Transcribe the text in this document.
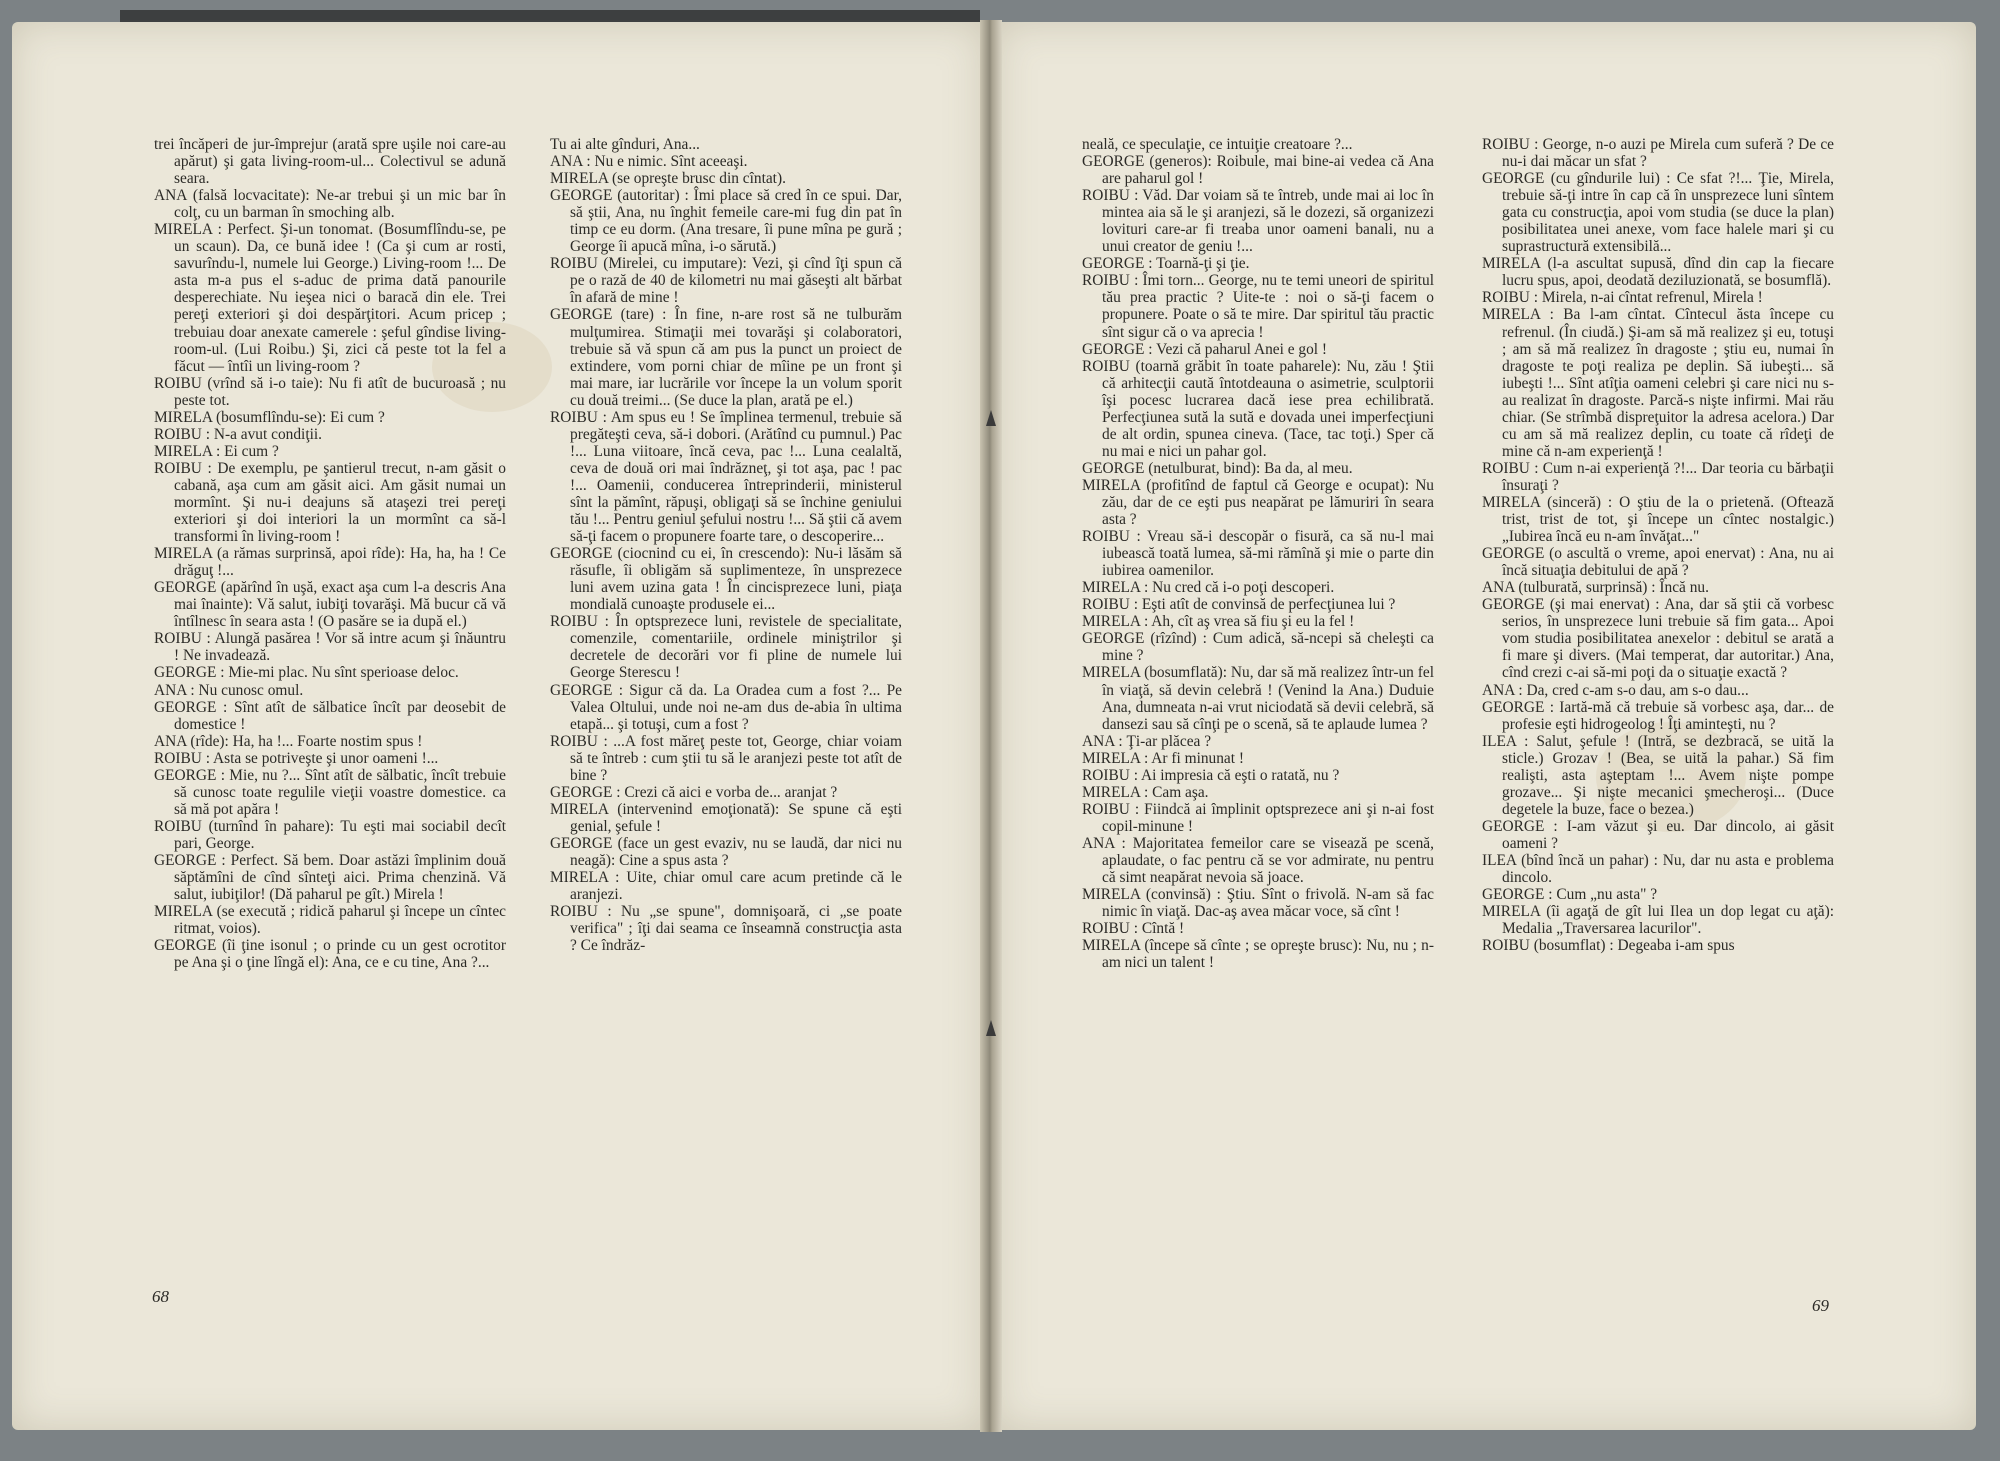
trei încăperi de jur-împrejur (arată spre uşile noi care-au apărut) şi gata living-room-ul... Colectivul se adună seara.

ANA (falsă locvacitate): Ne-ar trebui şi un mic bar în colţ, cu un barman în smoching alb.

MIRELA : Perfect. Şi-un tonomat. (Bosumflîndu-se, pe un scaun). Da, ce bună idee ! (Ca şi cum ar rosti, savurîndu-l, numele lui George.) Living-room !... De asta m-a pus el s-aduc de prima dată panourile desperechiate. Nu ieşea nici o baracă din ele. Trei pereţi exteriori şi doi despărţitori. Acum pricep ; trebuiau doar anexate camerele : şeful gîndise living-room-ul. (Lui Roibu.) Şi, zici că peste tot la fel a făcut — întîi un living-room ?

ROIBU (vrînd să i-o taie): Nu fi atît de bucuroasă ; nu peste tot.

MIRELA (bosumflîndu-se): Ei cum ?

ROIBU : N-a avut condiţii.

MIRELA : Ei cum ?

ROIBU : De exemplu, pe şantierul trecut, n-am găsit o cabană, aşa cum am găsit aici. Am găsit numai un mormînt. Şi nu-i deajuns să ataşezi trei pereţi exteriori şi doi interiori la un mormînt ca să-l transformi în living-room !

MIRELA (a rămas surprinsă, apoi rîde): Ha, ha, ha ! Ce drăguţ !...

GEORGE (apărînd în uşă, exact aşa cum l-a descris Ana mai înainte): Vă salut, iubiţi tovarăşi. Mă bucur că vă întîlnesc în seara asta ! (O pasăre se ia după el.)

ROIBU : Alungă pasărea ! Vor să intre acum şi înăuntru ! Ne invadează.

GEORGE : Mie-mi plac. Nu sînt sperioase deloc.

ANA : Nu cunosc omul.

GEORGE : Sînt atît de sălbatice încît par deosebit de domestice !

ANA (rîde): Ha, ha !... Foarte nostim spus !

ROIBU : Asta se potriveşte şi unor oameni !...

GEORGE : Mie, nu ?... Sînt atît de sălbatic, încît trebuie să cunosc toate regulile vieţii voastre domestice. ca să mă pot apăra !

ROIBU (turnînd în pahare): Tu eşti mai sociabil decît pari, George.

GEORGE : Perfect. Să bem. Doar astăzi împlinim două săptămîni de cînd sînteţi aici. Prima chenzină. Vă salut, iubiţilor! (Dă paharul pe gît.) Mirela !

MIRELA (se execută ; ridică paharul şi începe un cîntec ritmat, voios).

GEORGE (îi ţine isonul ; o prinde cu un gest ocrotitor pe Ana şi o ţine lîngă el): Ana, ce e cu tine, Ana ?...

Tu ai alte gînduri, Ana...

ANA : Nu e nimic. Sînt aceeaşi.

MIRELA (se opreşte brusc din cîntat).

GEORGE (autoritar) : Îmi place să cred în ce spui. Dar, să ştii, Ana, nu înghit femeile care-mi fug din pat în timp ce eu dorm. (Ana tresare, îi pune mîna pe gură ; George îi apucă mîna, i-o sărută.)

ROIBU (Mirelei, cu imputare): Vezi, şi cînd îţi spun că pe o rază de 40 de kilometri nu mai găseşti alt bărbat în afară de mine !

GEORGE (tare) : În fine, n-are rost să ne tulburăm mulţumirea. Stimaţii mei tovarăşi şi colaboratori, trebuie să vă spun că am pus la punct un proiect de extindere, vom porni chiar de mîine pe un front şi mai mare, iar lucrările vor începe la un volum sporit cu două treimi... (Se duce la plan, arată pe el.)

ROIBU : Am spus eu ! Se împlinea termenul, trebuie să pregăteşti ceva, să-i dobori. (Arătînd cu pumnul.) Pac !... Luna viitoare, încă ceva, pac !... Luna cealaltă, ceva de două ori mai îndrăzneţ, şi tot aşa, pac ! pac !... Oamenii, conducerea întreprinderii, ministerul sînt la pămînt, răpuşi, obligaţi să se închine geniului tău !... Pentru geniul şefului nostru !... Să ştii că avem să-ţi facem o propunere foarte tare, o descoperire...

GEORGE (ciocnind cu ei, în crescendo): Nu-i lăsăm să răsufle, îi obligăm să suplimenteze, în unsprezece luni avem uzina gata ! În cincisprezece luni, piaţa mondială cunoaşte produsele ei...

ROIBU : În optsprezece luni, revistele de specialitate, comenzile, comentariile, ordinele miniştrilor şi decretele de decorări vor fi pline de numele lui George Sterescu !

GEORGE : Sigur că da. La Oradea cum a fost ?... Pe Valea Oltului, unde noi ne-am dus de-abia în ultima etapă... şi totuşi, cum a fost ?

ROIBU : ...A fost măreţ peste tot, George, chiar voiam să te întreb : cum ştii tu să le aranjezi peste tot atît de bine ?

GEORGE : Crezi că aici e vorba de... aranjat ?

MIRELA (intervenind emoţionată): Se spune că eşti genial, şefule !

GEORGE (face un gest evaziv, nu se laudă, dar nici nu neagă): Cine a spus asta ?

MIRELA : Uite, chiar omul care acum pretinde că le aranjezi.

ROIBU : Nu „se spune", domnişoară, ci „se poate verifica" ; îţi dai seama ce înseamnă construcţia asta ? Ce îndrăz-

neală, ce speculaţie, ce intuiţie creatoare ?...

GEORGE (generos): Roibule, mai bine-ai vedea că Ana are paharul gol !

ROIBU : Văd. Dar voiam să te întreb, unde mai ai loc în mintea aia să le şi aranjezi, să le dozezi, să organizezi lovituri care-ar fi treaba unor oameni banali, nu a unui creator de geniu !...

GEORGE : Toarnă-ţi şi ţie.

ROIBU : Îmi torn... George, nu te temi uneori de spiritul tău prea practic ? Uite-te : noi o să-ţi facem o propunere. Poate o să te mire. Dar spiritul tău practic sînt sigur că o va aprecia !

GEORGE : Vezi că paharul Anei e gol !

ROIBU (toarnă grăbit în toate paharele): Nu, zău ! Ştii că arhitecţii caută întotdeauna o asimetrie, sculptorii îşi pocesc lucrarea dacă iese prea echilibrată. Perfecţiunea sută la sută e dovada unei imperfecţiuni de alt ordin, spunea cineva. (Tace, tac toţi.) Sper că nu mai e nici un pahar gol.

GEORGE (netulburat, bind): Ba da, al meu.

MIRELA (profitînd de faptul că George e ocupat): Nu zău, dar de ce eşti pus neapărat pe lămuriri în seara asta ?

ROIBU : Vreau să-i descopăr o fisură, ca să nu-l mai iubească toată lumea, să-mi rămînă şi mie o parte din iubirea oamenilor.

MIRELA : Nu cred că i-o poţi descoperi.

ROIBU : Eşti atît de convinsă de perfecţiunea lui ?

MIRELA : Ah, cît aş vrea să fiu şi eu la fel !

GEORGE (rîzînd) : Cum adică, să-ncepi să cheleşti ca mine ?

MIRELA (bosumflată): Nu, dar să mă realizez într-un fel în viaţă, să devin celebră ! (Venind la Ana.) Duduie Ana, dumneata n-ai vrut niciodată să devii celebră, să dansezi sau să cînţi pe o scenă, să te aplaude lumea ?

ANA : Ţi-ar plăcea ?

MIRELA : Ar fi minunat !

ROIBU : Ai impresia că eşti o ratată, nu ?

MIRELA : Cam aşa.

ROIBU : Fiindcă ai împlinit optsprezece ani şi n-ai fost copil-minune !

ANA : Majoritatea femeilor care se visează pe scenă, aplaudate, o fac pentru că se vor admirate, nu pentru că simt neapărat nevoia să joace.

MIRELA (convinsă) : Ştiu. Sînt o frivolă. N-am să fac nimic în viaţă. Dac-aş avea măcar voce, să cînt !

ROIBU : Cîntă !

MIRELA (începe să cînte ; se opreşte brusc): Nu, nu ; n-am nici un talent !

ROIBU : George, n-o auzi pe Mirela cum suferă ? De ce nu-i dai măcar un sfat ?

GEORGE (cu gîndurile lui) : Ce sfat ?!... Ţie, Mirela, trebuie să-ţi intre în cap că în unsprezece luni sîntem gata cu construcţia, apoi vom studia (se duce la plan) posibilitatea unei anexe, vom face halele mari şi cu suprastructură extensibilă...

MIRELA (l-a ascultat supusă, dînd din cap la fiecare lucru spus, apoi, deodată deziluzionată, se bosumflă).

ROIBU : Mirela, n-ai cîntat refrenul, Mirela !

MIRELA : Ba l-am cîntat. Cîntecul ăsta începe cu refrenul. (În ciudă.) Şi-am să mă realizez şi eu, totuşi ; am să mă realizez în dragoste ; ştiu eu, numai în dragoste te poţi realiza pe deplin. Să iubeşti... să iubeşti !... Sînt atîţia oameni celebri şi care nici nu s-au realizat în dragoste. Parcă-s nişte infirmi. Mai rău chiar. (Se strîmbă dispreţuitor la adresa acelora.) Dar cu am să mă realizez deplin, cu toate că rîdeţi de mine că n-am experienţă !

ROIBU : Cum n-ai experienţă ?!... Dar teoria cu bărbaţii însuraţi ?

MIRELA (sinceră) : O ştiu de la o prietenă. (Oftează trist, trist de tot, şi începe un cîntec nostalgic.) „Iubirea încă eu n-am învăţat..."

GEORGE (o ascultă o vreme, apoi enervat) : Ana, nu ai încă situaţia debitului de apă ?

ANA (tulburată, surprinsă) : Încă nu.

GEORGE (şi mai enervat) : Ana, dar să ştii că vorbesc serios, în unsprezece luni trebuie să fim gata... Apoi vom studia posibilitatea anexelor : debitul se arată a fi mare şi divers. (Mai temperat, dar autoritar.) Ana, cînd crezi c-ai să-mi poţi da o situaţie exactă ?

ANA : Da, cred c-am s-o dau, am s-o dau...

GEORGE : Iartă-mă că trebuie să vorbesc aşa, dar... de profesie eşti hidrogeolog ! Îţi aminteşti, nu ?

ILEA : Salut, şefule ! (Intră, se dezbracă, se uită la sticle.) Grozav ! (Bea, se uită la pahar.) Să fim realişti, asta aşteptam !... Avem nişte pompe grozave... Şi nişte mecanici şmecheroşi... (Duce degetele la buze, face o bezea.)

GEORGE : I-am văzut şi eu. Dar dincolo, ai găsit oameni ?

ILEA (bînd încă un pahar) : Nu, dar nu asta e problema dincolo.

GEORGE : Cum „nu asta" ?

MIRELA (îi agaţă de gît lui Ilea un dop legat cu aţă): Medalia „Traversarea lacurilor".

ROIBU (bosumflat) : Degeaba i-am spus

68	69
